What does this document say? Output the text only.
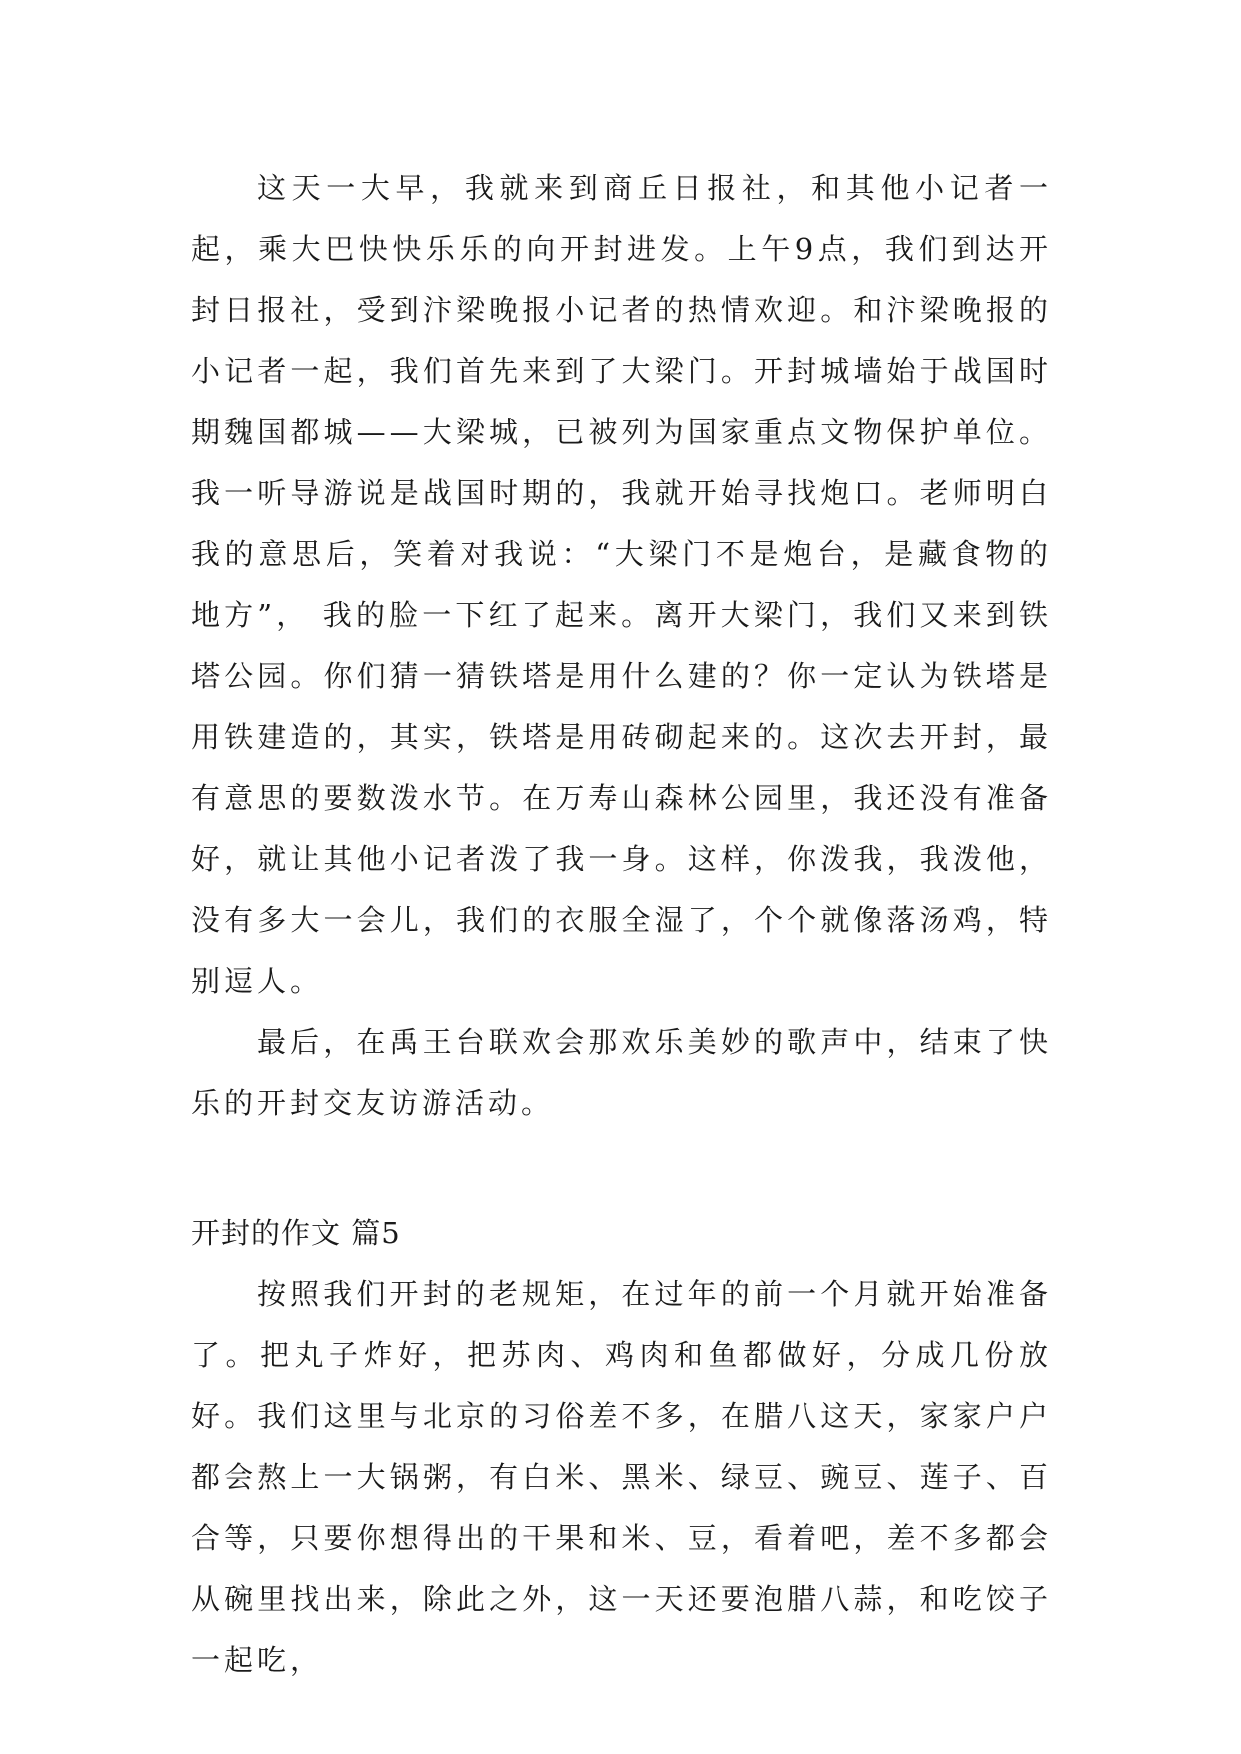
这天一大早，我就来到商丘日报社，和其他小记者一起，乘大巴快快乐乐的向开封进发。上午9点，我们到达开封日报社，受到汴梁晚报小记者的热情欢迎。和汴梁晚报的小记者一起，我们首先来到了大梁门。开封城墙始于战国时期魏国都城——大梁城，已被列为国家重点文物保护单位。我一听导游说是战国时期的，我就开始寻找炮口。老师明白我的意思后，笑着对我说：“大梁门不是炮台，是藏食物的地方”， 我的脸一下红了起来。离开大梁门，我们又来到铁塔公园。你们猜一猜铁塔是用什么建的？你一定认为铁塔是用铁建造的，其实，铁塔是用砖砌起来的。这次去开封，最有意思的要数泼水节。在万寿山森林公园里，我还没有准备好，就让其他小记者泼了我一身。这样，你泼我，我泼他，没有多大一会儿，我们的衣服全湿了，个个就像落汤鸡，特别逗人。

最后，在禹王台联欢会那欢乐美妙的歌声中，结束了快乐的开封交友访游活动。

开封的作文 篇5

按照我们开封的老规矩，在过年的前一个月就开始准备了。把丸子炸好，把苏肉、鸡肉和鱼都做好，分成几份放好。我们这里与北京的习俗差不多，在腊八这天，家家户户都会熬上一大锅粥，有白米、黑米、绿豆、豌豆、莲子、百合等，只要你想得出的干果和米、豆，看着吧，差不多都会从碗里找出来，除此之外，这一天还要泡腊八蒜，和吃饺子一起吃，
